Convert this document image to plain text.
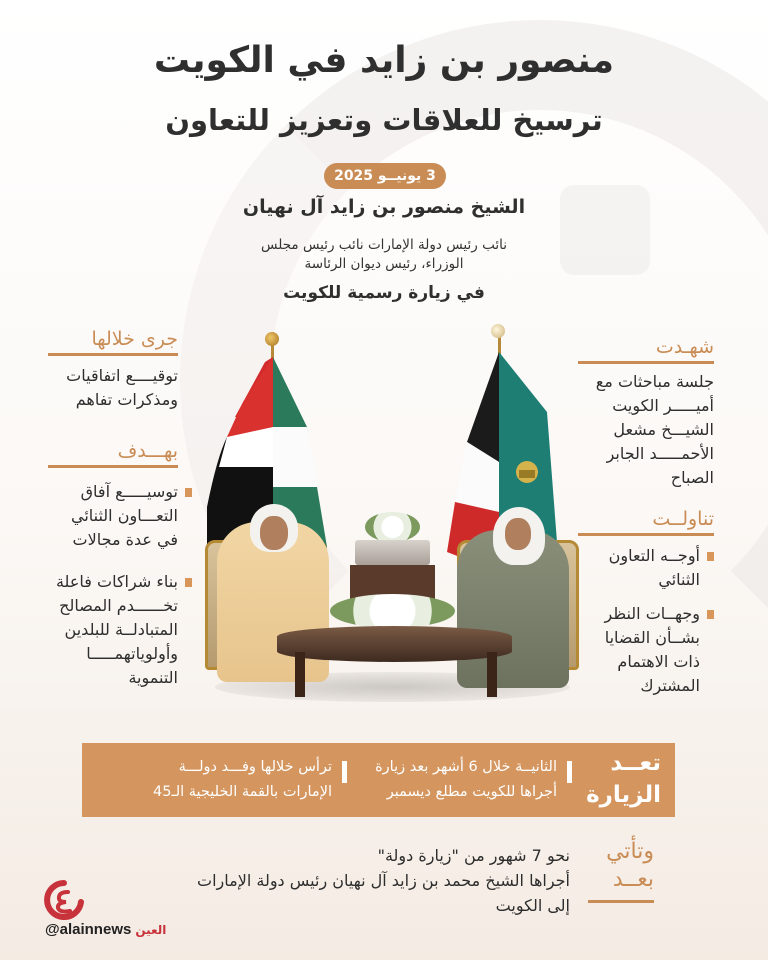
منصور بن زايد في الكويت
ترسيخ للعلاقات وتعزيز للتعاون
3 يونيــو 2025
الشيخ منصور بن زايد آل نهيان
نائب رئيس دولة الإمارات نائب رئيس مجلس
الوزراء، رئيس ديوان الرئاسة
في زيارة رسمية للكويت
جرى خلالها
توقيــــع اتفاقيات
ومذكرات تفاهم
بهـــدف
توسيـــــع آفاق
التعـــاون الثنائي
في عدة مجالات
بناء شراكات فاعلة
تخــــــدم المصالح
المتبادلــة للبلدين
وأولوياتهمـــــا
التنموية
شهـدت
جلسة مباحثات مع
أميـــــر الكويت
الشيـــخ مشعل
الأحمـــــد الجابر
الصباح
تناولــت
أوجــه التعاون
الثنائي
وجهــات النظر
بشــأن القضايا
ذات الاهتمام
المشترك
تعــد
الزيارة
الثانيــة خلال 6 أشهر بعد زيارة
أجراها للكويت مطلع ديسمبر
ترأس خلالها وفـــد دولـــة
الإمارات بالقمة الخليجية الـ45
وتأتي
بعــد
نحو 7 شهور من "زيارة دولة"
أجراها الشيخ محمد بن زايد آل نهيان رئيس دولة الإمارات
إلى الكويت
@alainnews العين
